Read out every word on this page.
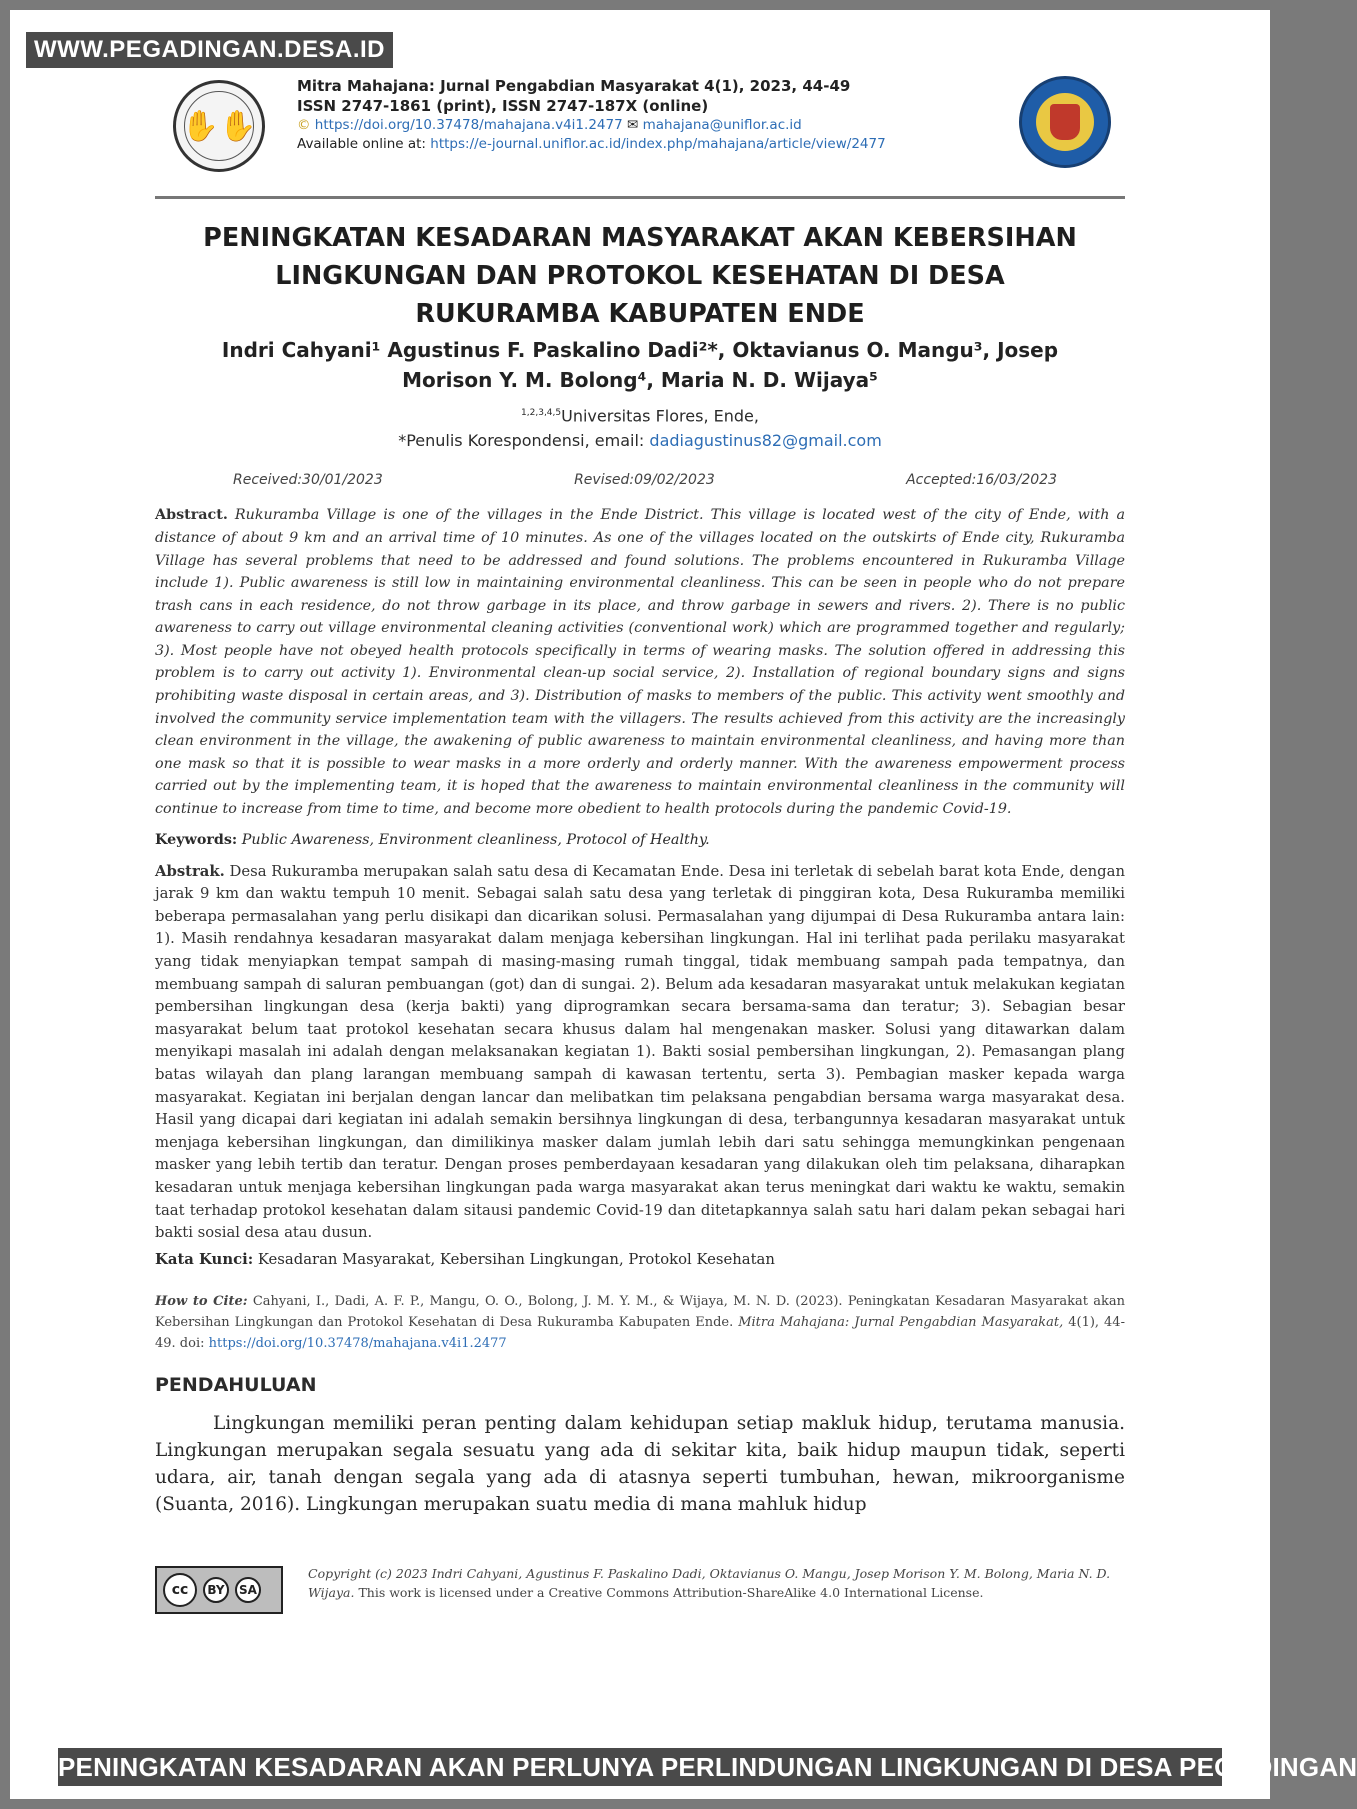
WWW.PEGADINGAN.DESA.ID
✋✋
Mitra Mahajana: Jurnal Pengabdian Masyarakat 4(1), 2023, 44-49
ISSN 2747-1861 (print), ISSN 2747-187X (online)
© https://doi.org/10.37478/mahajana.v4i1.2477 ✉ mahajana@uniflor.ac.id
Available online at: https://e-journal.uniflor.ac.id/index.php/mahajana/article/view/2477
PENINGKATAN KESADARAN MASYARAKAT AKAN KEBERSIHAN
LINGKUNGAN DAN PROTOKOL KESEHATAN DI DESA
RUKURAMBA KABUPATEN ENDE
Indri Cahyani¹ Agustinus F. Paskalino Dadi²*, Oktavianus O. Mangu³, Josep
Morison Y. M. Bolong⁴, Maria N. D. Wijaya⁵
$^{1,2,3,4,5}$Universitas Flores, Ende,
*Penulis Korespondensi, email: dadiagustinus82@gmail.com
Received:30/01/2023	Revised:09/02/2023	Accepted:16/03/2023
Abstract. Rukuramba Village is one of the villages in the Ende District. This village is located west of the city of Ende, with a distance of about 9 km and an arrival time of 10 minutes. As one of the villages located on the outskirts of Ende city, Rukuramba Village has several problems that need to be addressed and found solutions. The problems encountered in Rukuramba Village include 1). Public awareness is still low in maintaining environmental cleanliness. This can be seen in people who do not prepare trash cans in each residence, do not throw garbage in its place, and throw garbage in sewers and rivers. 2). There is no public awareness to carry out village environmental cleaning activities (conventional work) which are programmed together and regularly; 3). Most people have not obeyed health protocols specifically in terms of wearing masks. The solution offered in addressing this problem is to carry out activity 1). Environmental clean-up social service, 2). Installation of regional boundary signs and signs prohibiting waste disposal in certain areas, and 3). Distribution of masks to members of the public. This activity went smoothly and involved the community service implementation team with the villagers. The results achieved from this activity are the increasingly clean environment in the village, the awakening of public awareness to maintain environmental cleanliness, and having more than one mask so that it is possible to wear masks in a more orderly and orderly manner. With the awareness empowerment process carried out by the implementing team, it is hoped that the awareness to maintain environmental cleanliness in the community will continue to increase from time to time, and become more obedient to health protocols during the pandemic Covid-19.
Keywords: Public Awareness, Environment cleanliness, Protocol of Healthy.
Abstrak. Desa Rukuramba merupakan salah satu desa di Kecamatan Ende. Desa ini terletak di sebelah barat kota Ende, dengan jarak 9 km dan waktu tempuh 10 menit. Sebagai salah satu desa yang terletak di pinggiran kota, Desa Rukuramba memiliki beberapa permasalahan yang perlu disikapi dan dicarikan solusi. Permasalahan yang dijumpai di Desa Rukuramba antara lain: 1). Masih rendahnya kesadaran masyarakat dalam menjaga kebersihan lingkungan. Hal ini terlihat pada perilaku masyarakat yang tidak menyiapkan tempat sampah di masing-masing rumah tinggal, tidak membuang sampah pada tempatnya, dan membuang sampah di saluran pembuangan (got) dan di sungai. 2). Belum ada kesadaran masyarakat untuk melakukan kegiatan pembersihan lingkungan desa (kerja bakti) yang diprogramkan secara bersama-sama dan teratur; 3). Sebagian besar masyarakat belum taat protokol kesehatan secara khusus dalam hal mengenakan masker. Solusi yang ditawarkan dalam menyikapi masalah ini adalah dengan melaksanakan kegiatan 1). Bakti sosial pembersihan lingkungan, 2). Pemasangan plang batas wilayah dan plang larangan membuang sampah di kawasan tertentu, serta 3). Pembagian masker kepada warga masyarakat. Kegiatan ini berjalan dengan lancar dan melibatkan tim pelaksana pengabdian bersama warga masyarakat desa. Hasil yang dicapai dari kegiatan ini adalah semakin bersihnya lingkungan di desa, terbangunnya kesadaran masyarakat untuk menjaga kebersihan lingkungan, dan dimilikinya masker dalam jumlah lebih dari satu sehingga memungkinkan pengenaan masker yang lebih tertib dan teratur. Dengan proses pemberdayaan kesadaran yang dilakukan oleh tim pelaksana, diharapkan kesadaran untuk menjaga kebersihan lingkungan pada warga masyarakat akan terus meningkat dari waktu ke waktu, semakin taat terhadap protokol kesehatan dalam sitausi pandemic Covid-19 dan ditetapkannya salah satu hari dalam pekan sebagai hari bakti sosial desa atau dusun.
Kata Kunci: Kesadaran Masyarakat, Kebersihan Lingkungan, Protokol Kesehatan
How to Cite: Cahyani, I., Dadi, A. F. P., Mangu, O. O., Bolong, J. M. Y. M., & Wijaya, M. N. D. (2023). Peningkatan Kesadaran Masyarakat akan Kebersihan Lingkungan dan Protokol Kesehatan di Desa Rukuramba Kabupaten Ende. Mitra Mahajana: Jurnal Pengabdian Masyarakat, 4(1), 44-49. doi: https://doi.org/10.37478/mahajana.v4i1.2477
PENDAHULUAN
Lingkungan memiliki peran penting dalam kehidupan setiap makluk hidup, terutama manusia. Lingkungan merupakan segala sesuatu yang ada di sekitar kita, baik hidup maupun tidak, seperti udara, air, tanah dengan segala yang ada di atasnya seperti tumbuhan, hewan, mikroorganisme (Suanta, 2016). Lingkungan merupakan suatu media di mana mahluk hidup
cc	BY	SA
Copyright (c) 2023 Indri Cahyani, Agustinus F. Paskalino Dadi, Oktavianus O. Mangu, Josep Morison Y. M. Bolong, Maria N. D. Wijaya. This work is licensed under a Creative Commons Attribution-ShareAlike 4.0 International License.
PENINGKATAN KESADARAN AKAN PERLUNYA PERLINDUNGAN LINGKUNGAN DI DESA PEGADINGAN
